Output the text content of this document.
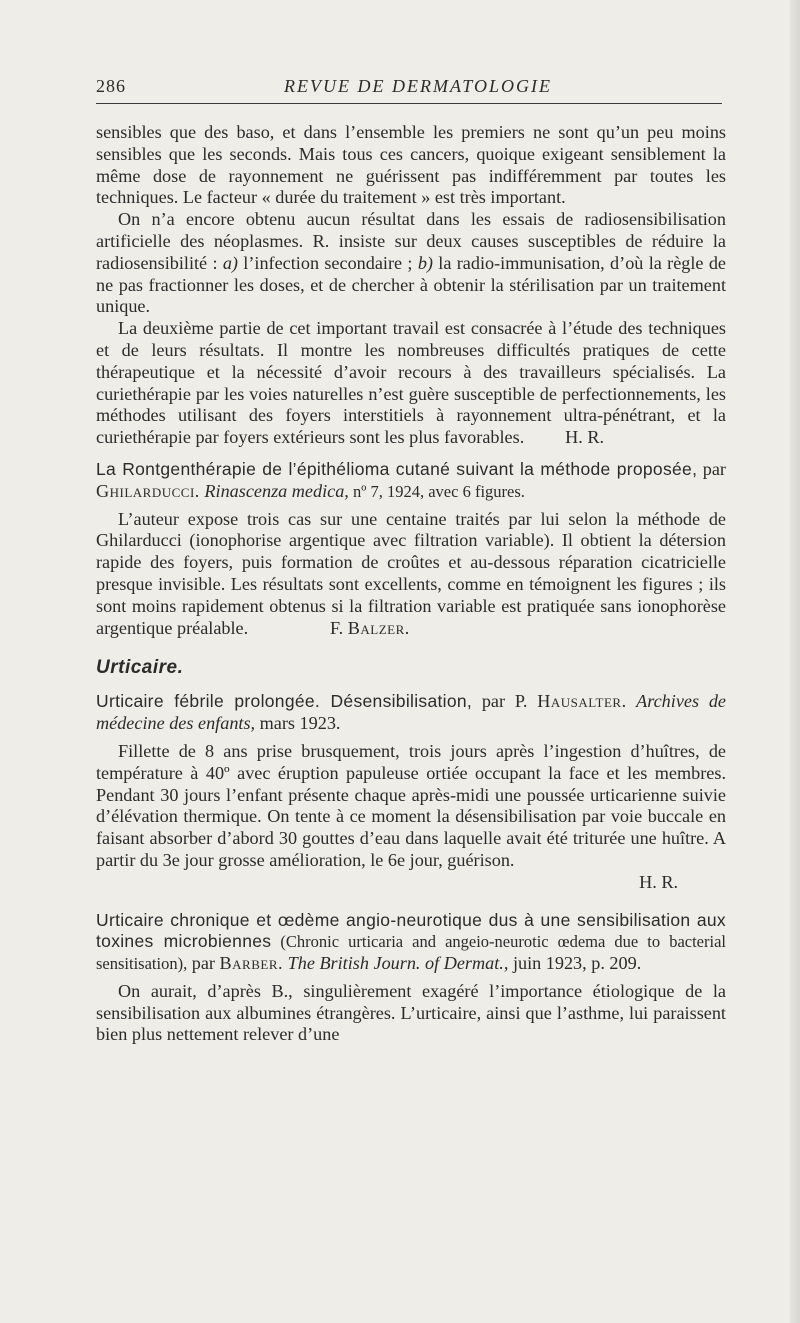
286	REVUE DE DERMATOLOGIE

sensibles que des baso, et dans l’ensemble les premiers ne sont qu’un peu moins sensibles que les seconds. Mais tous ces cancers, quoique exigeant sensiblement la même dose de rayonnement ne guérissent pas indifféremment par toutes les techniques. Le facteur « durée du traitement » est très important.

On n’a encore obtenu aucun résultat dans les essais de radiosensibilisation artificielle des néoplasmes. R. insiste sur deux causes susceptibles de réduire la radiosensibilité : a) l’infection secondaire ; b) la radio-immunisation, d’où la règle de ne pas fractionner les doses, et de chercher à obtenir la stérilisation par un traitement unique.

La deuxième partie de cet important travail est consacrée à l’étude des techniques et de leurs résultats. Il montre les nombreuses difficultés pratiques de cette thérapeutique et la nécessité d’avoir recours à des travailleurs spécialisés. La curiethérapie par les voies naturelles n’est guère susceptible de perfectionnements, les méthodes utilisant des foyers interstitiels à rayonnement ultra-pénétrant, et la curiethérapie par foyers extérieurs sont les plus favorables. H. R.

La Rontgenthérapie de l’épithélioma cutané suivant la méthode proposée, par Ghilarducci. Rinascenza medica, nº 7, 1924, avec 6 figures.

L’auteur expose trois cas sur une centaine traités par lui selon la méthode de Ghilarducci (ionophorise argentique avec filtration variable). Il obtient la détersion rapide des foyers, puis formation de croûtes et au-dessous réparation cicatricielle presque invisible. Les résultats sont excellents, comme en témoignent les figures ; ils sont moins rapidement obtenus si la filtration variable est pratiquée sans ionophorèse argentique préalable.	F. Balzer.

Urticaire.

Urticaire fébrile prolongée. Désensibilisation, par P. Hausalter. Archives de médecine des enfants, mars 1923.

Fillette de 8 ans prise brusquement, trois jours après l’ingestion d’huîtres, de température à 40º avec éruption papuleuse ortiée occupant la face et les membres. Pendant 30 jours l’enfant présente chaque après-midi une poussée urticarienne suivie d’élévation thermique. On tente à ce moment la désensibilisation par voie buccale en faisant absorber d’abord 30 gouttes d’eau dans laquelle avait été triturée une huître. A partir du 3e jour grosse amélioration, le 6e jour, guérison.

H. R.

Urticaire chronique et œdème angio-neurotique dus à une sensibilisation aux toxines microbiennes (Chronic urticaria and angeio-neurotic œdema due to bacterial sensitisation), par Barber. The British Journ. of Dermat., juin 1923, p. 209.

On aurait, d’après B., singulièrement exagéré l’importance étiologique de la sensibilisation aux albumines étrangères. L’urticaire, ainsi que l’asthme, lui paraissent bien plus nettement relever d’une
